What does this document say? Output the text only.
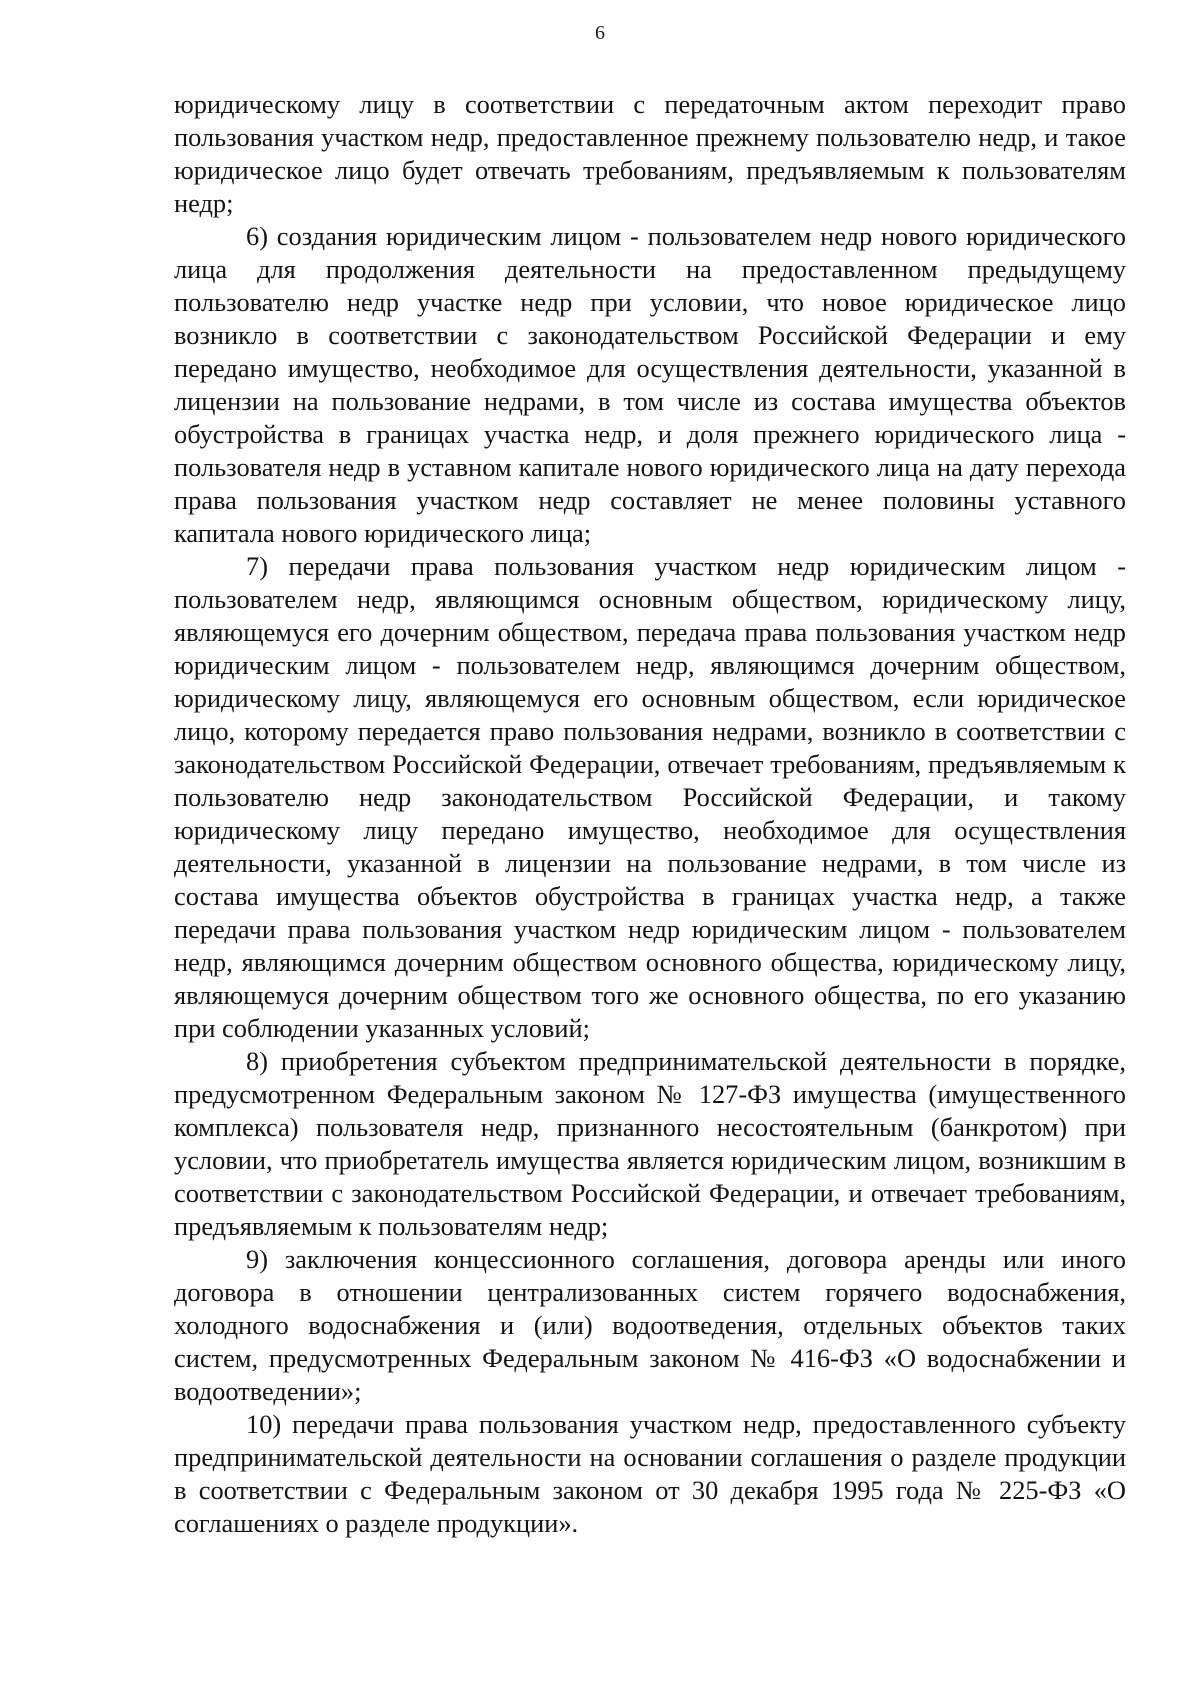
6

юридическому лицу в соответствии с передаточным актом переходит право пользования участком недр, предоставленное прежнему пользователю недр, и такое юридическое лицо будет отвечать требованиям, предъявляемым к пользователям недр;

6) создания юридическим лицом - пользователем недр нового юридического лица для продолжения деятельности на предоставленном предыдущему пользователю недр участке недр при условии, что новое юридическое лицо возникло в соответствии с законодательством Российской Федерации и ему передано имущество, необходимое для осуществления деятельности, указанной в лицензии на пользование недрами, в том числе из состава имущества объектов обустройства в границах участка недр, и доля прежнего юридического лица - пользователя недр в уставном капитале нового юридического лица на дату перехода права пользования участком недр составляет не менее половины уставного капитала нового юридического лица;

7) передачи права пользования участком недр юридическим лицом - пользователем недр, являющимся основным обществом, юридическому лицу, являющемуся его дочерним обществом, передача права пользования участком недр юридическим лицом - пользователем недр, являющимся дочерним обществом, юридическому лицу, являющемуся его основным обществом, если юридическое лицо, которому передается право пользования недрами, возникло в соответствии с законодательством Российской Федерации, отвечает требованиям, предъявляемым к пользователю недр законодательством Российской Федерации, и такому юридическому лицу передано имущество, необходимое для осуществления деятельности, указанной в лицензии на пользование недрами, в том числе из состава имущества объектов обустройства в границах участка недр, а также передачи права пользования участком недр юридическим лицом - пользователем недр, являющимся дочерним обществом основного общества, юридическому лицу, являющемуся дочерним обществом того же основного общества, по его указанию при соблюдении указанных условий;

8) приобретения субъектом предпринимательской деятельности в порядке, предусмотренном Федеральным законом № 127-ФЗ имущества (имущественного комплекса) пользователя недр, признанного несостоятельным (банкротом) при условии, что приобретатель имущества является юридическим лицом, возникшим в соответствии с законодательством Российской Федерации, и отвечает требованиям, предъявляемым к пользователям недр;

9) заключения концессионного соглашения, договора аренды или иного договора в отношении централизованных систем горячего водоснабжения, холодного водоснабжения и (или) водоотведения, отдельных объектов таких систем, предусмотренных Федеральным законом № 416-ФЗ «О водоснабжении и водоотведении»;

10) передачи права пользования участком недр, предоставленного субъекту предпринимательской деятельности на основании соглашения о разделе продукции в соответствии с Федеральным законом от 30 декабря 1995 года № 225-ФЗ «О соглашениях о разделе продукции».
